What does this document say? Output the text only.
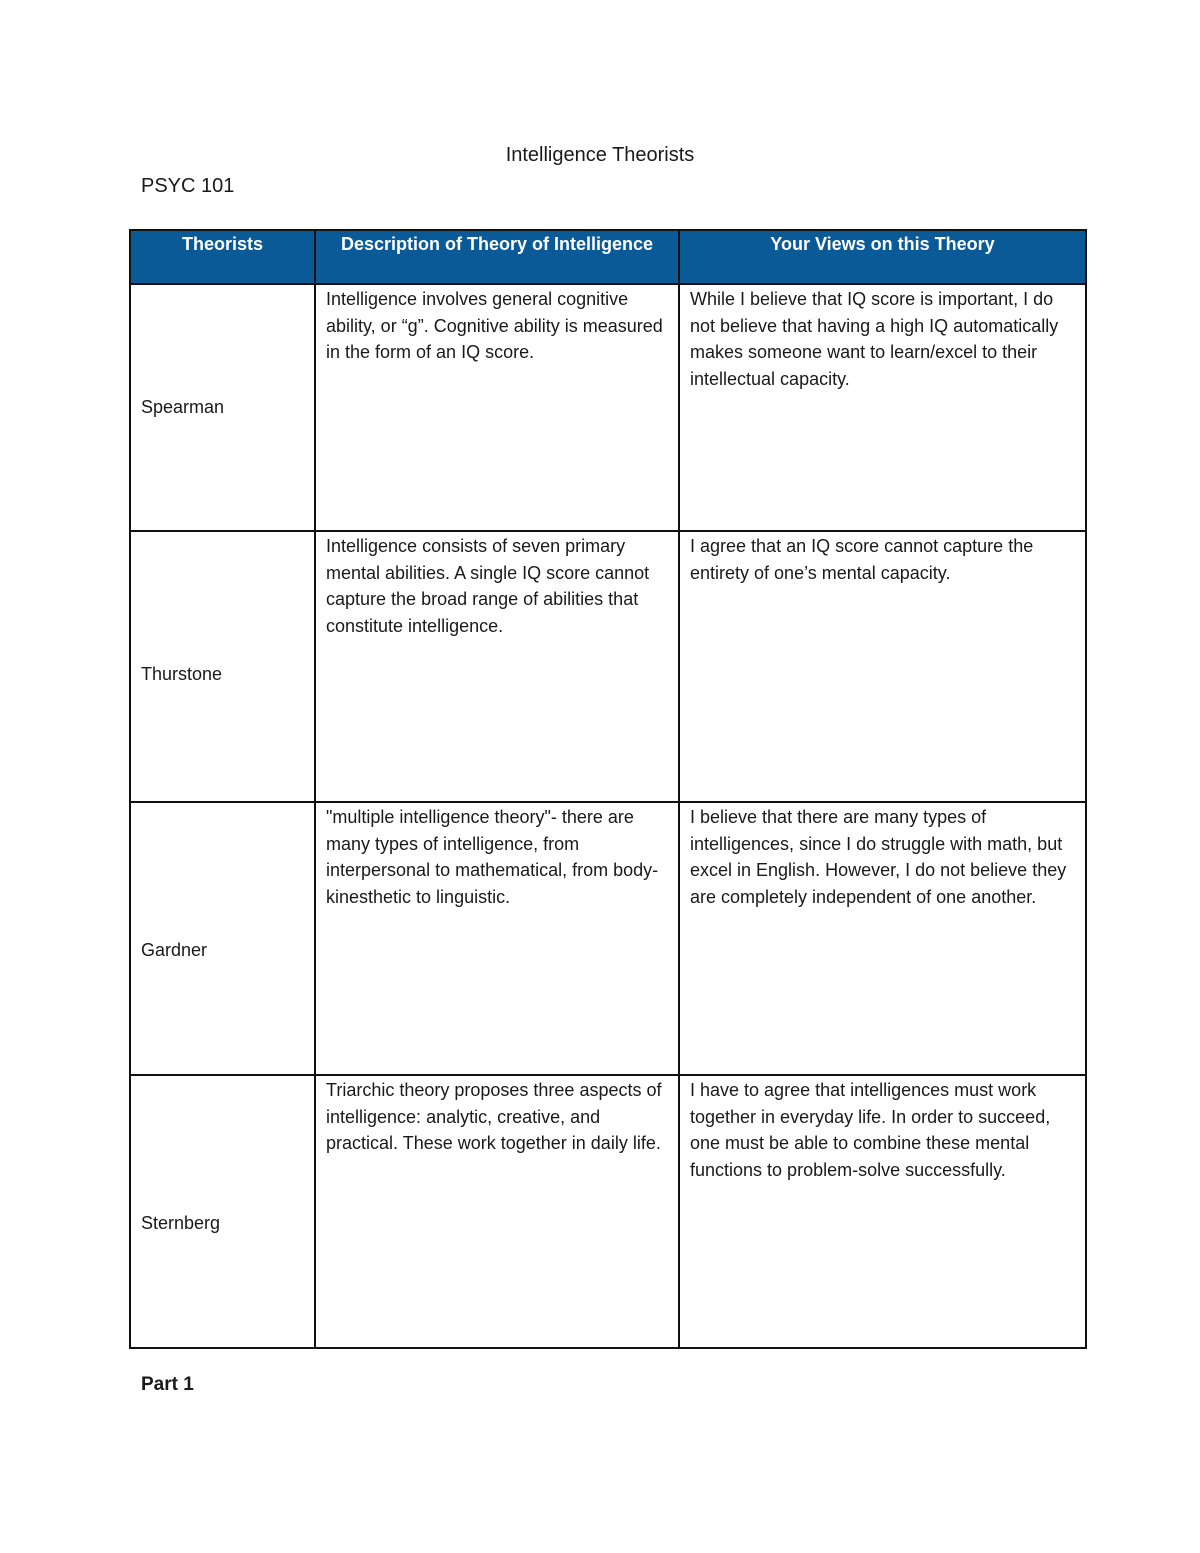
Intelligence Theorists
PSYC 101
Theorists	Description of Theory of Intelligence	Your Views on this Theory
Spearman	Intelligence involves general cognitive ability, or “g”. Cognitive ability is measured in the form of an IQ score.	While I believe that IQ score is important, I do not believe that having a high IQ automatically makes someone want to learn/excel to their intellectual capacity.
Thurstone	Intelligence consists of seven primary mental abilities. A single IQ score cannot capture the broad range of abilities that constitute intelligence.	I agree that an IQ score cannot capture the entirety of one’s mental capacity.
Gardner	"multiple intelligence theory"- there are many types of intelligence, from interpersonal to mathematical, from body-kinesthetic to linguistic.	I believe that there are many types of intelligences, since I do struggle with math, but excel in English. However, I do not believe they are completely independent of one another.
Sternberg	Triarchic theory proposes three aspects of intelligence: analytic, creative, and practical. These work together in daily life.	I have to agree that intelligences must work together in everyday life. In order to succeed, one must be able to combine these mental functions to problem-solve successfully.
Part 1
